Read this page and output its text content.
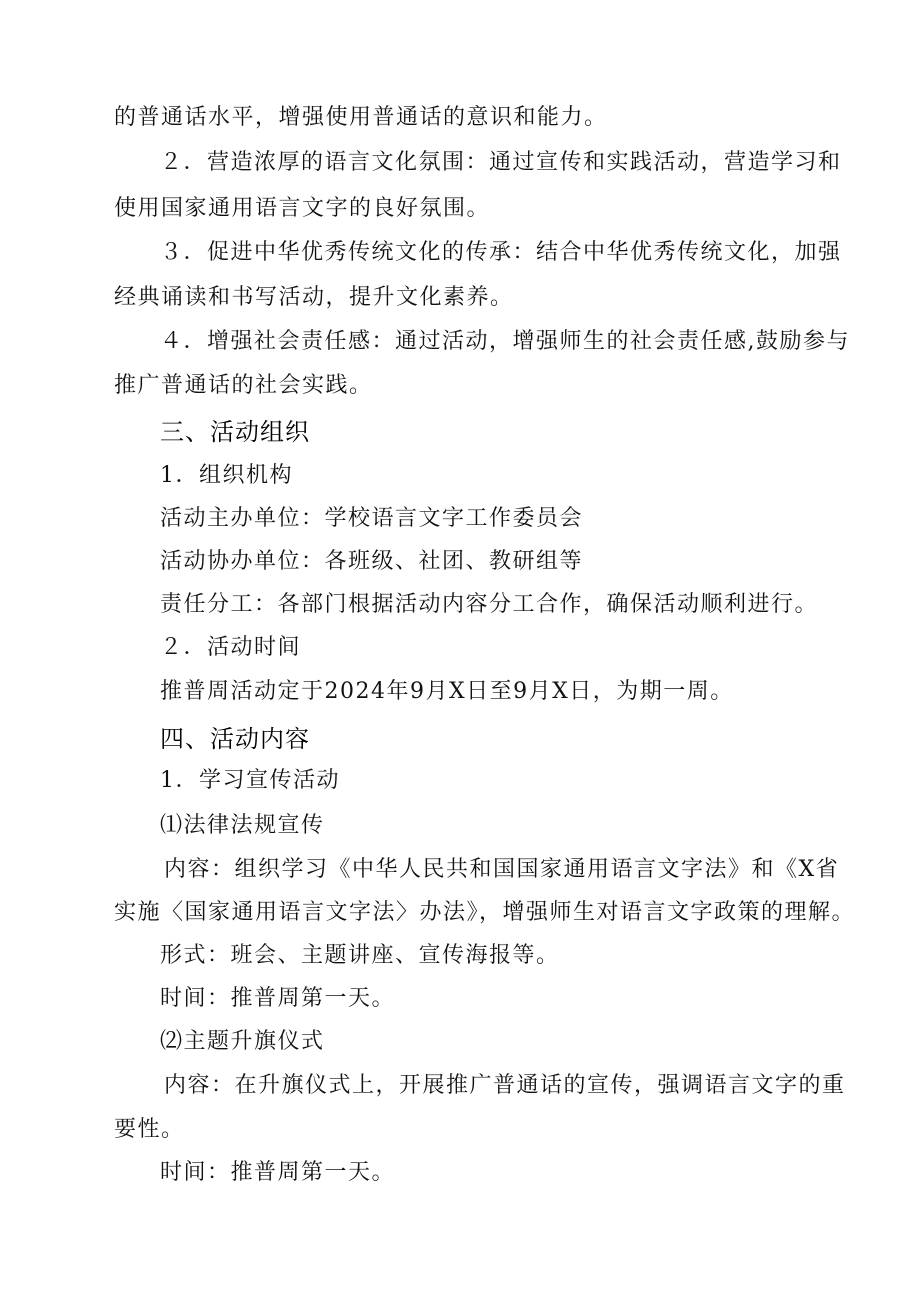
的普通话水平，增强使用普通话的意识和能力。
２．营造浓厚的语言文化氛围：通过宣传和实践活动，营造学习和
使用国家通用语言文字的良好氛围。
３．促进中华优秀传统文化的传承：结合中华优秀传统文化，加强
经典诵读和书写活动，提升文化素养。
４．增强社会责任感：通过活动，增强师生的社会责任感,鼓励参与
推广普通话的社会实践。
三、活动组织
1．组织机构
活动主办单位：学校语言文字工作委员会
活动协办单位：各班级、社团、教研组等
责任分工：各部门根据活动内容分工合作，确保活动顺利进行。
２．活动时间
推普周活动定于2024年9月X日至9月X日，为期一周。
四、活动内容
1．学习宣传活动
⑴法律法规宣传
内容：组织学习《中华人民共和国国家通用语言文字法》和《X省
实施〈国家通用语言文字法〉办法》，增强师生对语言文字政策的理解。
形式：班会、主题讲座、宣传海报等。
时间：推普周第一天。
⑵主题升旗仪式
内容：在升旗仪式上，开展推广普通话的宣传，强调语言文字的重
要性。
时间：推普周第一天。
